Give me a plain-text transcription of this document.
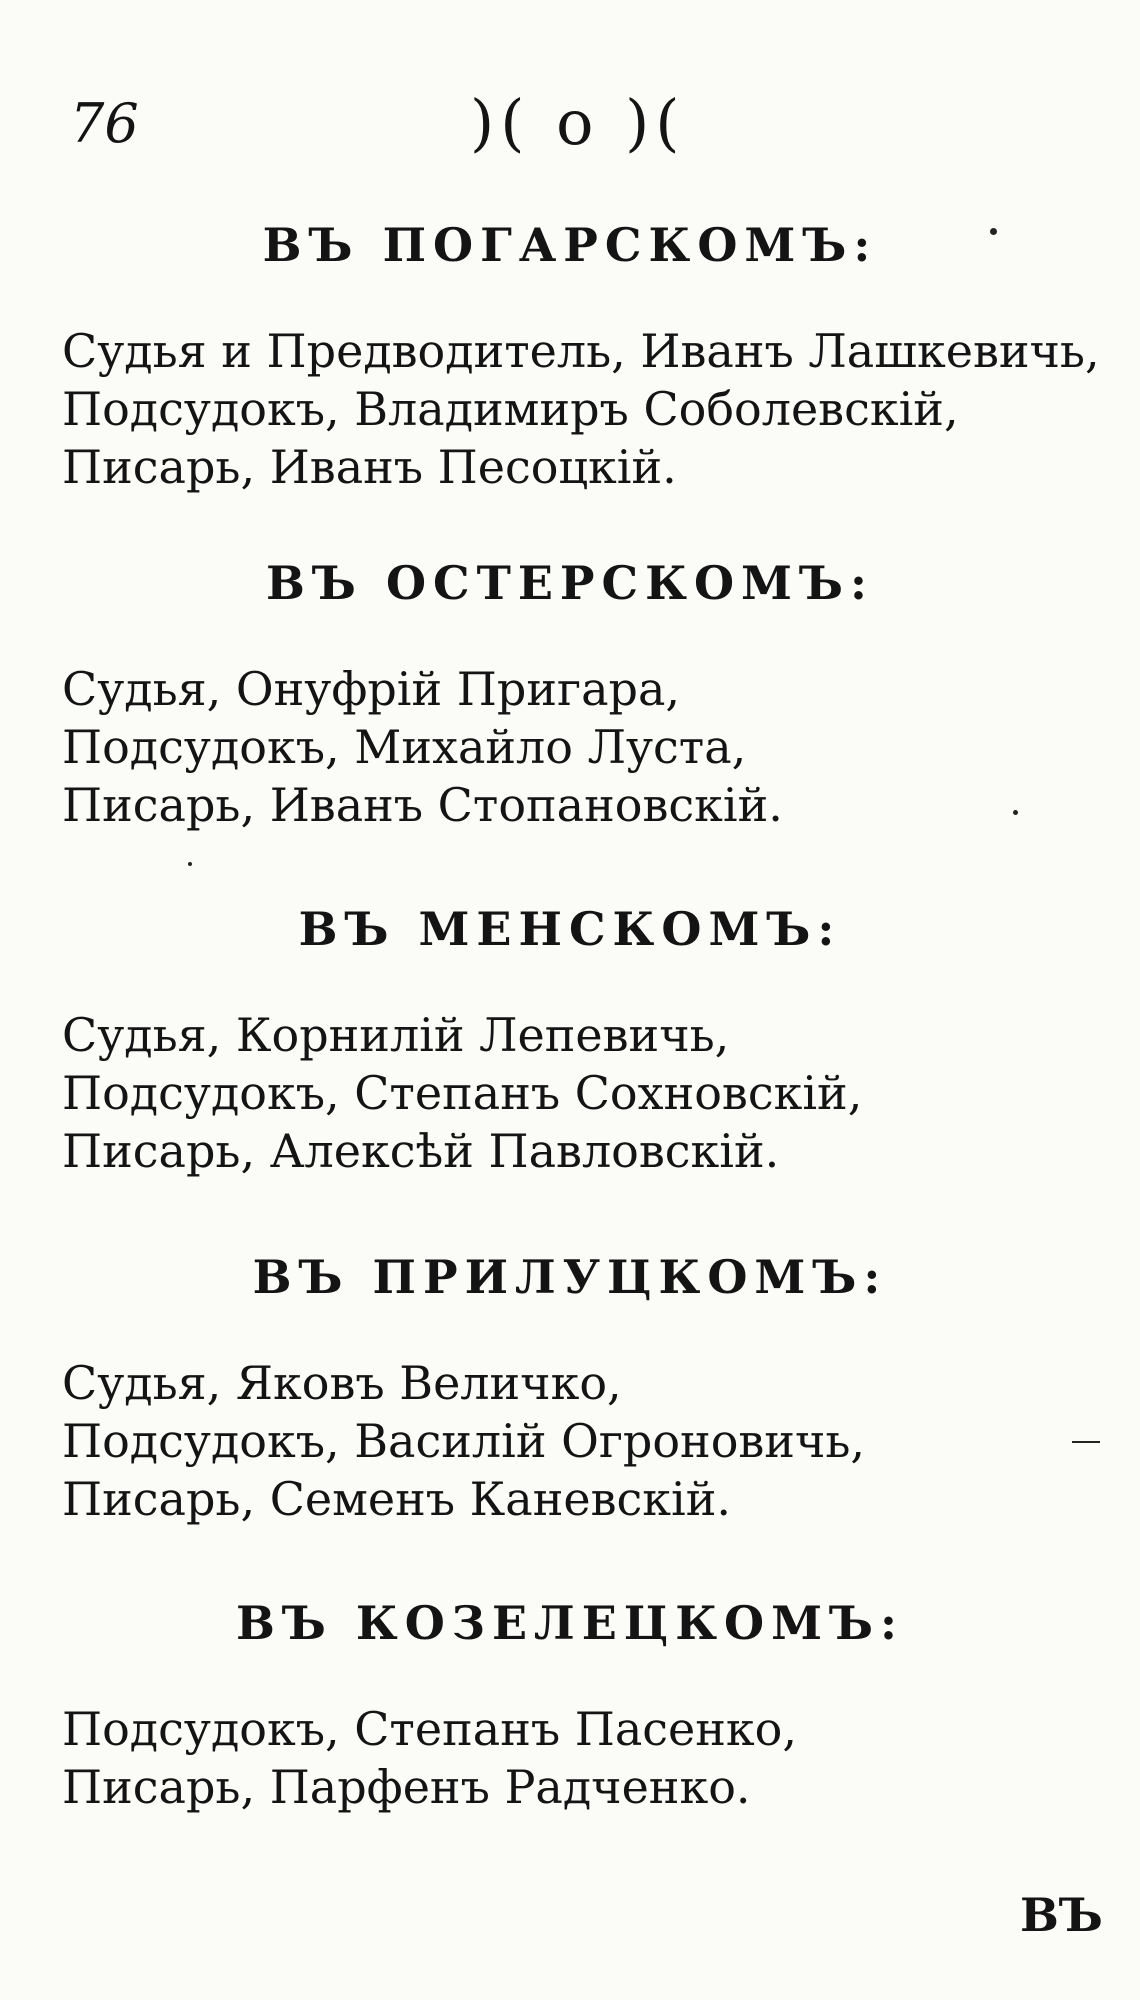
76	)( o )(
ВЪ ПОГАРСКОМЪ:
Судья и Предводитель, Иванъ Лашкевичь,
Подсудокъ, Владимиръ Соболевскій,
Писарь, Иванъ Песоцкій.
ВЪ ОСТЕРСКОМЪ:
Судья, Онуфрій Пригара,
Подсудокъ, Михайло Луста,
Писарь, Иванъ Стопановскій.
ВЪ МЕНСКОМЪ:
Судья, Корнилій Лепевичь,
Подсудокъ, Степанъ Сохновскій,
Писарь, Алексѣй Павловскій.
ВЪ ПРИЛУЦКОМЪ:
Судья, Яковъ Величко,
Подсудокъ, Василій Огроновичь,
Писарь, Семенъ Каневскій.
ВЪ КОЗЕЛЕЦКОМЪ:
Подсудокъ, Степанъ Пасенко,
Писарь, Парфенъ Радченко.
ВЪ
